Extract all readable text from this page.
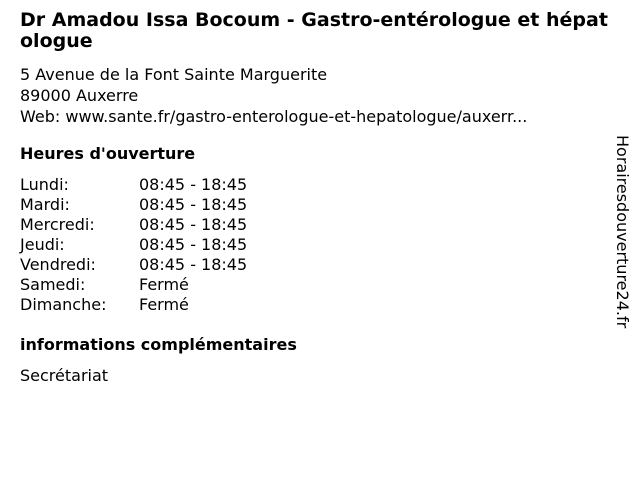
Dr Amadou Issa Bocoum - Gastro-entérologue et hépatologue
5 Avenue de la Font Sainte Marguerite
89000 Auxerre
Web: www.sante.fr/gastro-enterologue-et-hepatologue/auxerr...
Heures d'ouverture
Lundi:	08:45 - 18:45
Mardi:	08:45 - 18:45
Mercredi:	08:45 - 18:45
Jeudi:	08:45 - 18:45
Vendredi:	08:45 - 18:45
Samedi:	Fermé
Dimanche:	Fermé
informations complémentaires
Secrétariat
Horairesdouverture24.fr
